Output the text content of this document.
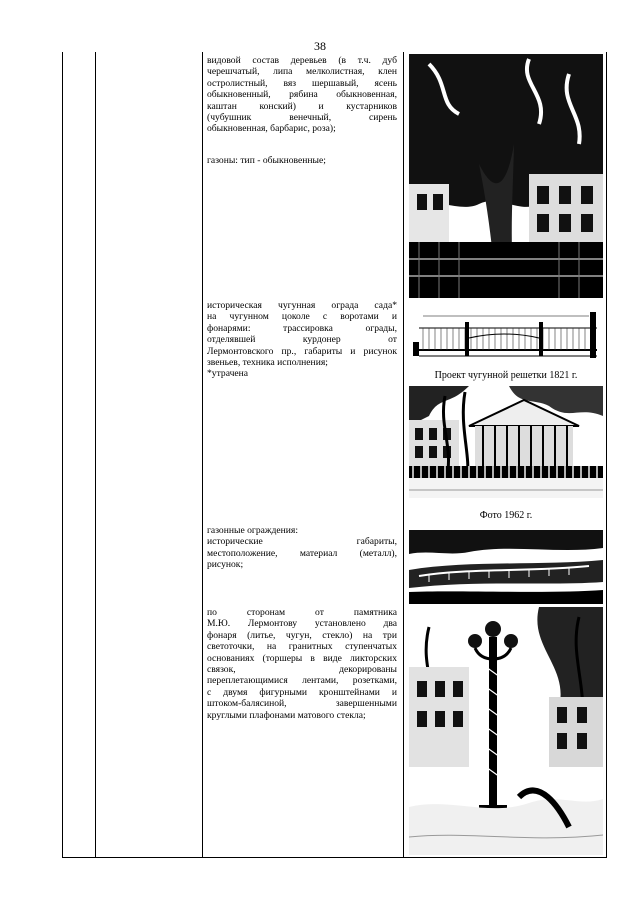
38

видовой состав деревьев (в т.ч. дуб

черешчатый, липа мелколистная, клен

остролистный, вяз шершавый, ясень

обыкновенный, рябина обыкновенная,

каштан конский) и кустарников

(чубушник венечный, сирень

обыкновенная, барбарис, роза);

газоны: тип - обыкновенные;

историческая чугунная ограда сада*

на чугунном цоколе с воротами и

фонарями: трассировка ограды,

отделявшей курдонер от

Лермонтовского пр., габариты и рисунок

звеньев, техника исполнения;

*утрачена	Проект чугунной решетки 1821 г.
Фото 1962 г.

газонные ограждения:

исторические габариты,

местоположение, материал (металл),

рисунок;

по сторонам от памятника

М.Ю. Лермонтову установлено два

фонаря (литье, чугун, стекло) на три

светоточки, на гранитных ступенчатых

основаниях (торшеры в виде ликторских

связок, декорированы

переплетающимися лентами, розетками,

с двумя фигурными кронштейнами и

штоком-балясиной, завершенными

круглыми плафонами матового стекла;
